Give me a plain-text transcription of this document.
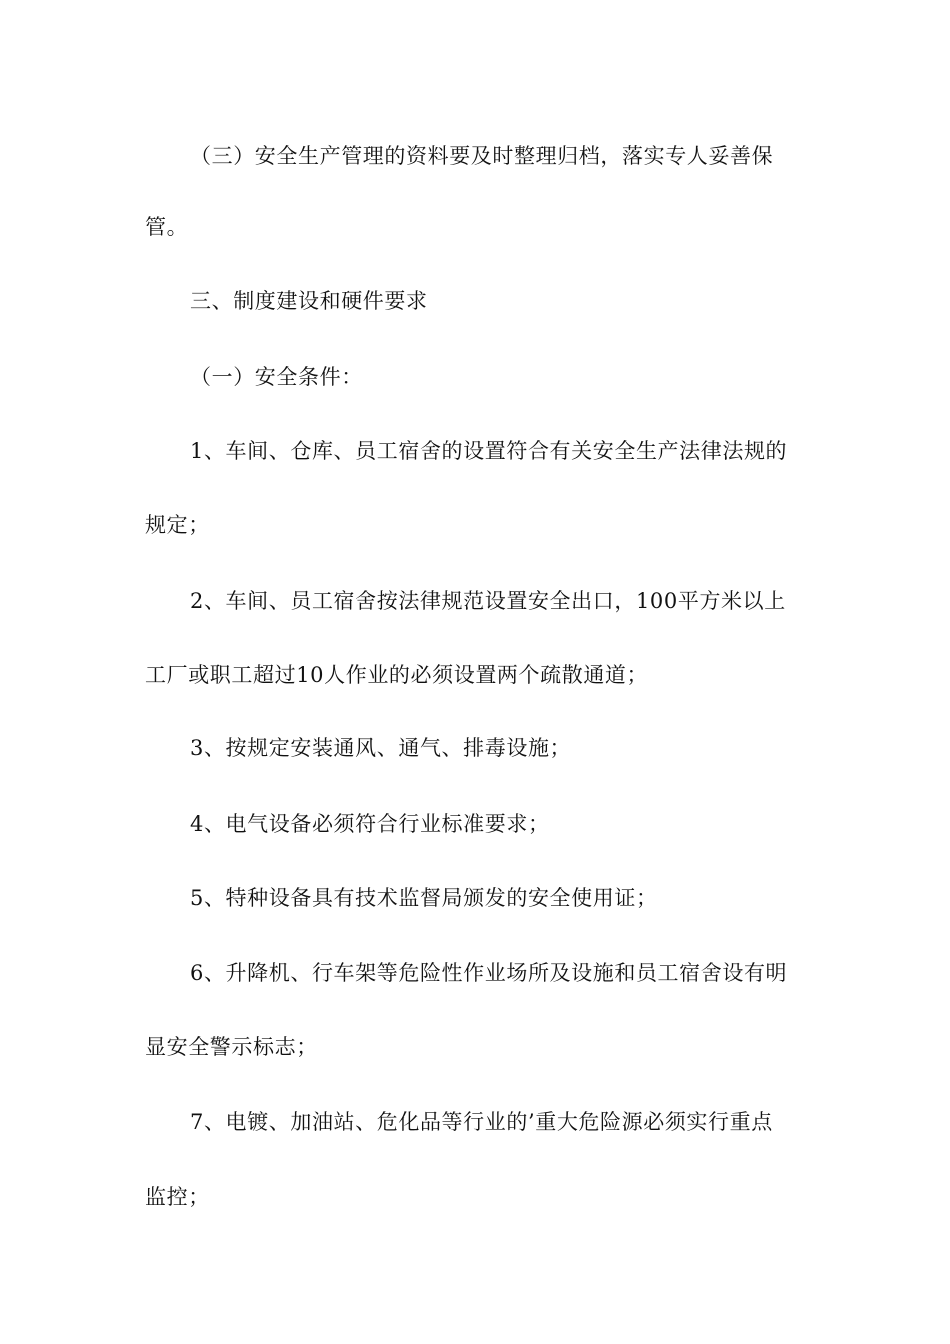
（三）安全生产管理的资料要及时整理归档，落实专人妥善保
管。
三、制度建设和硬件要求
（一）安全条件：
1、车间、仓库、员工宿舍的设置符合有关安全生产法律法规的
规定；
2、车间、员工宿舍按法律规范设置安全出口，100平方米以上
工厂或职工超过10人作业的必须设置两个疏散通道；
3、按规定安装通风、通气、排毒设施；
4、电气设备必须符合行业标准要求；
5、特种设备具有技术监督局颁发的安全使用证；
6、升降机、行车架等危险性作业场所及设施和员工宿舍设有明
显安全警示标志；
7、电镀、加油站、危化品等行业的’重大危险源必须实行重点
监控；
